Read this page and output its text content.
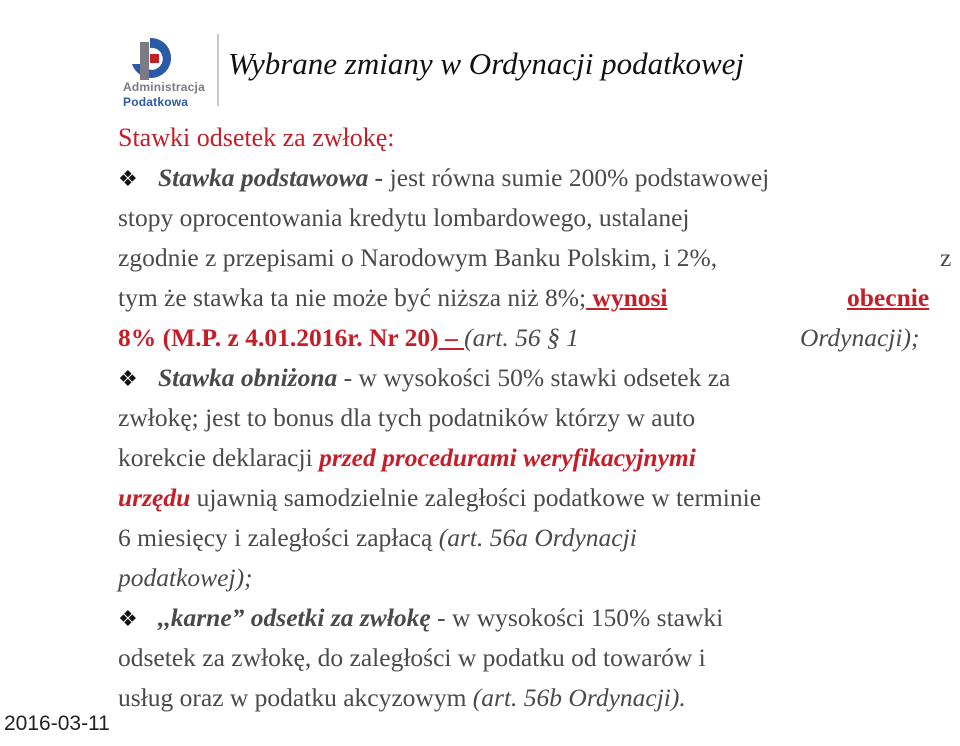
Administracja
Podatkowa
Wybrane zmiany w Ordynacji podatkowej
Stawki odsetek za zwłokę:
❖ Stawka podstawowa - jest równa sumie 200% podstawowej
stopy oprocentowania kredytu lombardowego, ustalanej
zgodnie z przepisami o Narodowym Banku Polskim, i 2%,	z
tym że stawka ta nie może być niższa niż 8%; wynosi	obecnie
8% (M.P. z 4.01.2016r. Nr 20) – (art. 56 § 1	Ordynacji);
❖ Stawka obniżona - w wysokości 50% stawki odsetek za
zwłokę; jest to bonus dla tych podatników którzy w auto
korekcie deklaracji przed procedurami weryfikacyjnymi
urzędu ujawnią samodzielnie zaległości podatkowe w terminie
6 miesięcy i zaległości zapłacą (art. 56a Ordynacji
podatkowej);
❖ ,,karne” odsetki za zwłokę - w wysokości 150% stawki
odsetek za zwłokę, do zaległości w podatku od towarów i
usług oraz w podatku akcyzowym (art. 56b Ordynacji).
2016-03-11
